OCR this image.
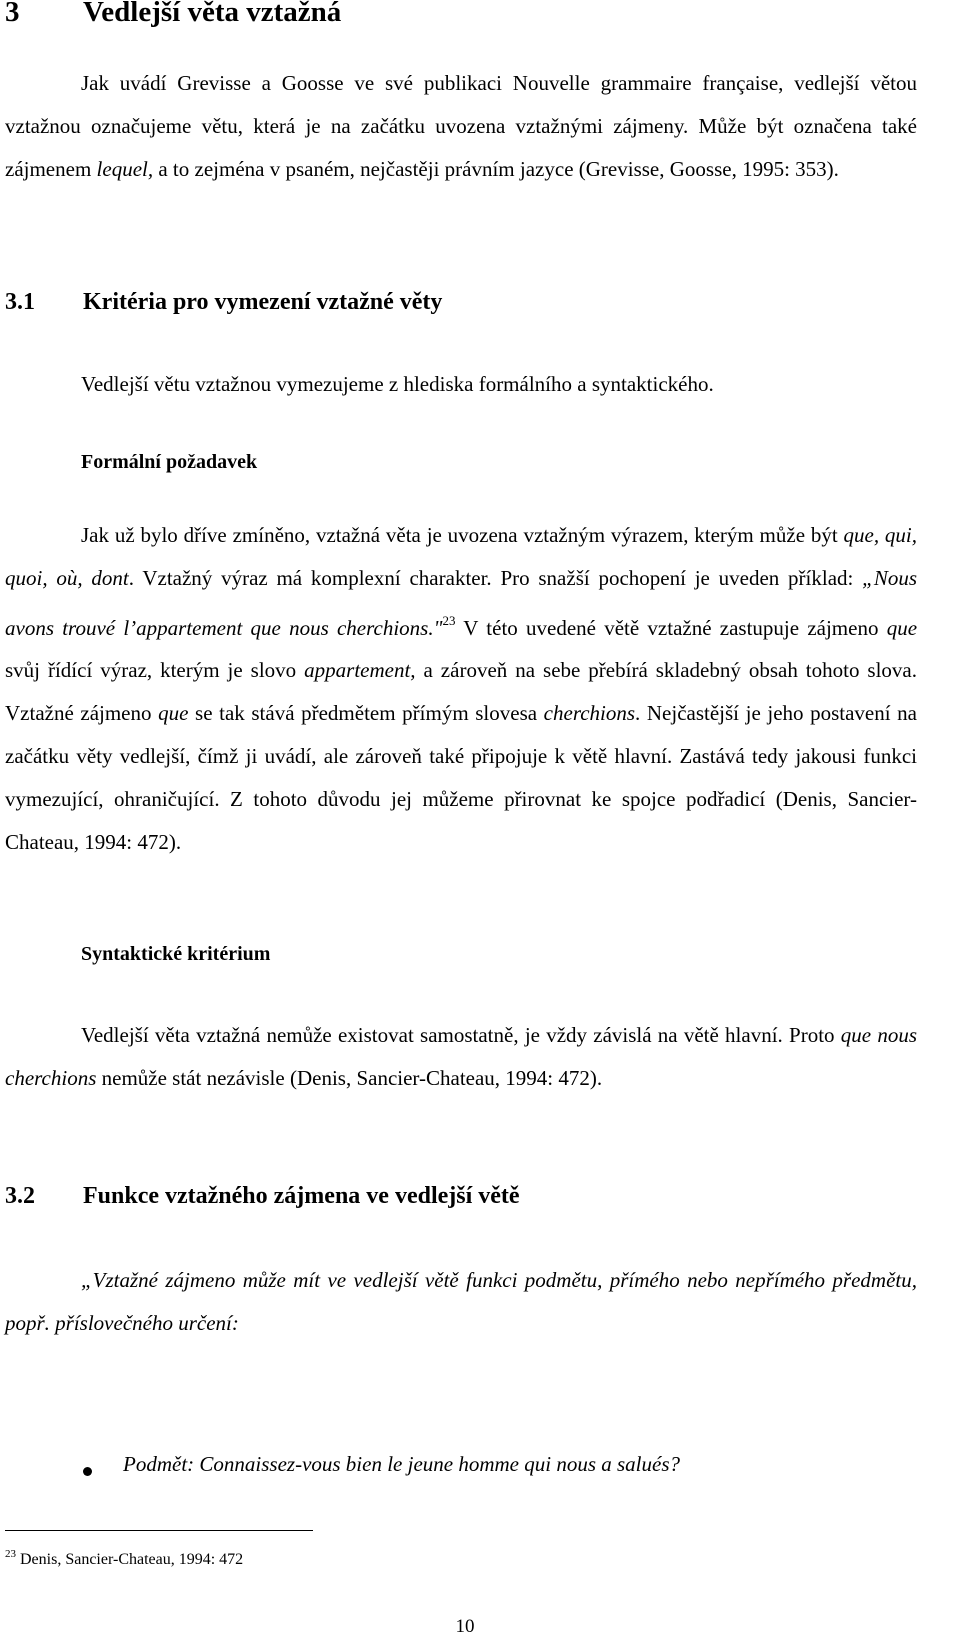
3 Vedlejší věta vztažná

Jak uvádí Grevisse a Goosse ve své publikaci Nouvelle grammaire française, vedlejší větou vztažnou označujeme větu, která je na začátku uvozena vztažnými zájmeny. Může být označena také zájmenem lequel, a to zejména v psaném, nejčastěji právním jazyce (Grevisse, Goosse, 1995: 353).

3.1 Kritéria pro vymezení vztažné věty

Vedlejší větu vztažnou vymezujeme z hlediska formálního a syntaktického.

Formální požadavek

Jak už bylo dříve zmíněno, vztažná věta je uvozena vztažným výrazem, kterým může být que, qui, quoi, où, dont. Vztažný výraz má komplexní charakter. Pro snažší pochopení je uveden příklad: „Nous avons trouvé l’appartement que nous cherchions."$^{23}$ V této uvedené větě vztažné zastupuje zájmeno que svůj řídící výraz, kterým je slovo appartement, a zároveň na sebe přebírá skladebný obsah tohoto slova. Vztažné zájmeno que se tak stává předmětem přímým slovesa cherchions. Nejčastější je jeho postavení na začátku věty vedlejší, čímž ji uvádí, ale zároveň také připojuje k větě hlavní. Zastává tedy jakousi funkci vymezující, ohraničující. Z tohoto důvodu jej můžeme přirovnat ke spojce podřadicí (Denis, Sancier-Chateau, 1994: 472).

Syntaktické kritérium

Vedlejší věta vztažná nemůže existovat samostatně, je vždy závislá na větě hlavní. Proto que nous cherchions nemůže stát nezávisle (Denis, Sancier-Chateau, 1994: 472).

3.2 Funkce vztažného zájmena ve vedlejší větě

„Vztažné zájmeno může mít ve vedlejší větě funkci podmětu, přímého nebo nepřímého předmětu, popř. příslovečného určení:

Podmět: Connaissez-vous bien le jeune homme qui nous a salués?
$^{23}$ Denis, Sancier-Chateau, 1994: 472
10
